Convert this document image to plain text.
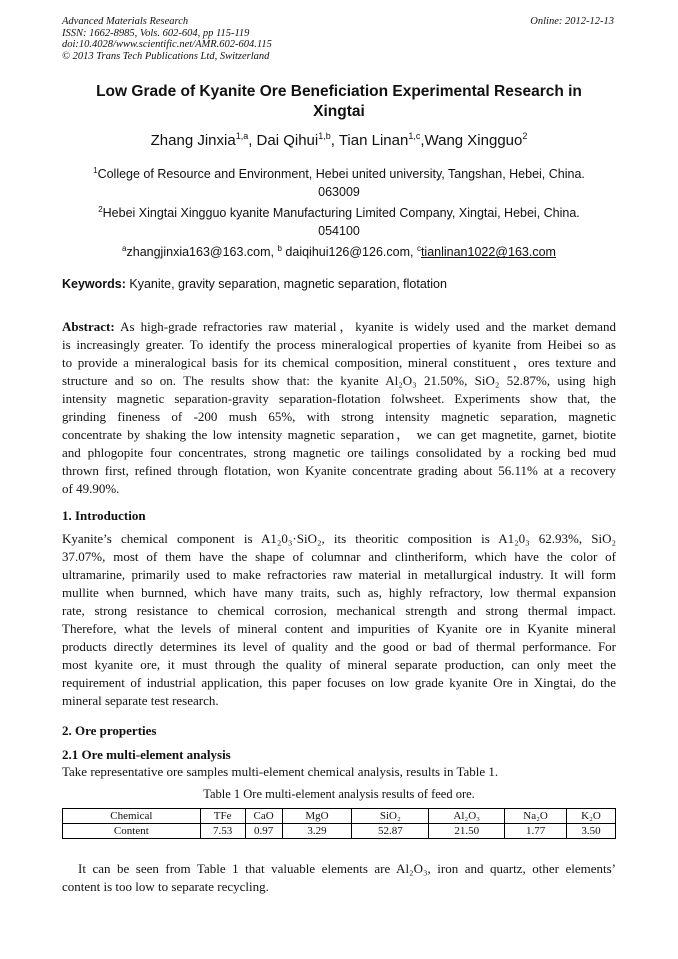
Advanced Materials Research
ISSN: 1662-8985, Vols. 602-604, pp 115-119
doi:10.4028/www.scientific.net/AMR.602-604.115
© 2013 Trans Tech Publications Ltd, Switzerland
Online: 2012-12-13
Low Grade of Kyanite Ore Beneficiation Experimental Research in
Xingtai
Zhang Jinxia$^{1,a}$, Dai Qihui$^{1,b}$, Tian Linan$^{1,c}$,Wang Xingguo$^2$
$^1$College of Resource and Environment, Hebei united university, Tangshan, Hebei, China.
063009
$^2$Hebei Xingtai Xingguo kyanite Manufacturing Limited Company, Xingtai, Hebei, China.
054100
$^a$zhangjinxia163@163.com, $^b$ daiqihui126@126.com, $^c$tianlinan1022@163.com
Keywords: Kyanite, gravity separation, magnetic separation, flotation
Abstract: As high-grade refractories raw material，kyanite is widely used and the market demand
is increasingly greater. To identify the process mineralogical properties of kyanite from Heibei so as
to provide a mineralogical basis for its chemical composition, mineral constituent，ores texture and
structure and so on. The results show that: the kyanite Al₂O₃ 21.50%, SiO₂ 52.87%, using high
intensity magnetic separation-gravity separation-flotation folwsheet. Experiments show that, the
grinding fineness of -200 mush 65%, with strong intensity magnetic separation, magnetic
concentrate by shaking the low intensity magnetic separation， we can get magnetite, garnet, biotite
and phlogopite four concentrates, strong magnetic ore tailings consolidated by a rocking bed mud
thrown first, refined through flotation, won Kyanite concentrate grading about 56.11% at a recovery
of 49.90%.
1. Introduction
Kyanite’s chemical component is A1₂0₃·SiO₂, its theoritic composition is A1₂0₃ 62.93%, SiO₂
37.07%, most of them have the shape of columnar and clintheriform, which have the color of
ultramarine, primarily used to make refractories raw material in metallurgical industry. It will form
mullite when burnned, which have many traits, such as, highly refractory, low thermal expansion
rate, strong resistance to chemical corrosion, mechanical strength and strong thermal impact.
Therefore, what the levels of mineral content and impurities of Kyanite ore in Kyanite mineral
products directly determines its level of quality and the good or bad of thermal performance. For
most kyanite ore, it must through the quality of mineral separate production, can only meet the
requirement of industrial application, this paper focuses on low grade kyanite Ore in Xingtai, do the
mineral separate test research.
2. Ore properties
2.1 Ore multi-element analysis
Take representative ore samples multi-element chemical analysis, results in Table 1.
Table 1 Ore multi-element analysis results of feed ore.
Chemical	TFe	CaO	MgO	SiO₂	Al₂O₃	Na₂O	K₂O
Content	7.53	0.97	3.29	52.87	21.50	1.77	3.50
It can be seen from Table 1 that valuable elements are Al₂O₃, iron and quartz, other elements’
content is too low to separate recycling.
